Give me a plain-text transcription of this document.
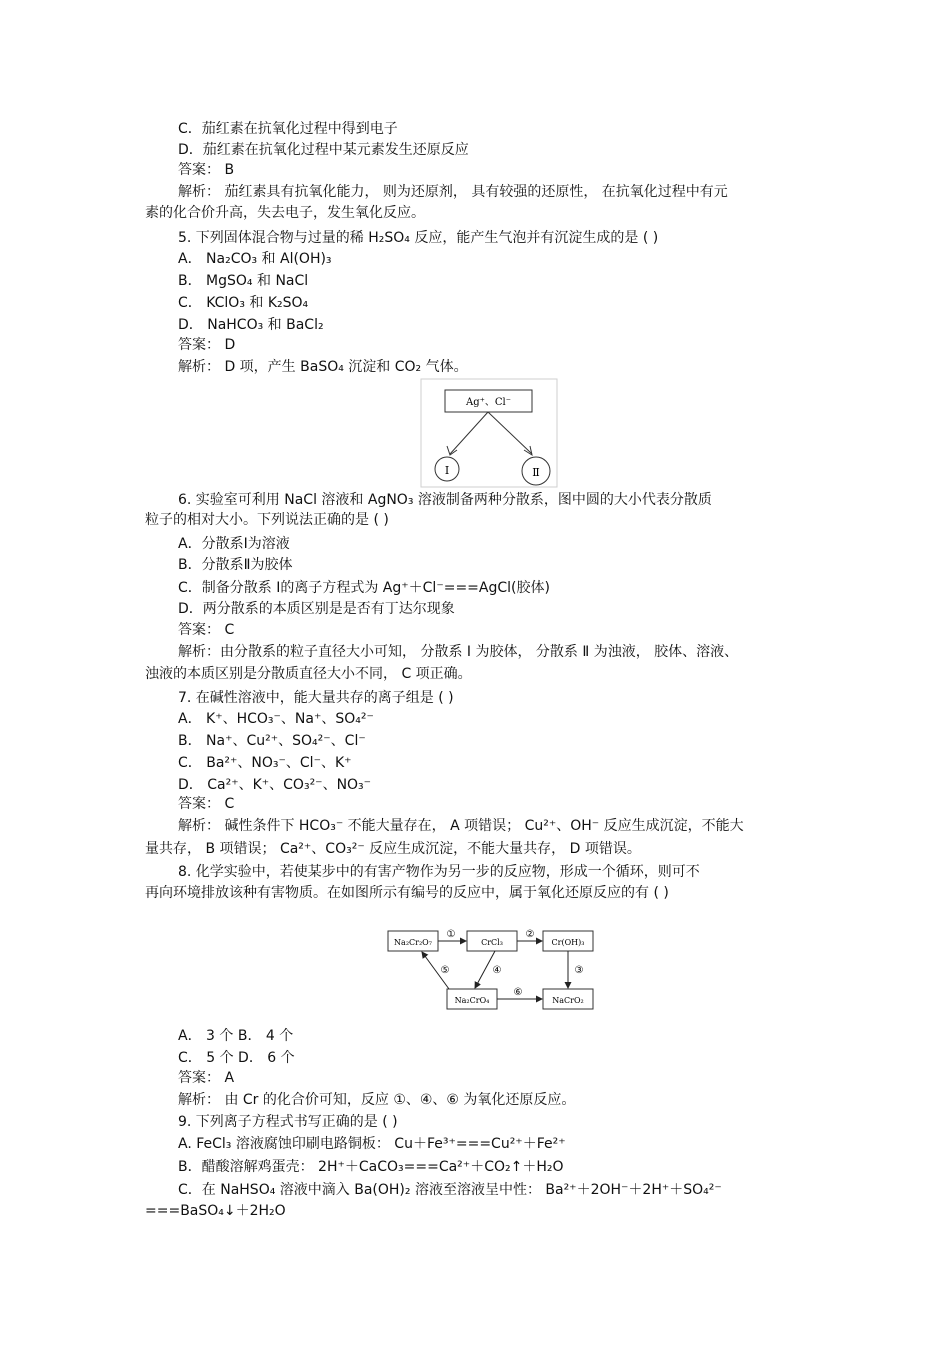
C．茄红素在抗氧化过程中得到电子
D．茄红素在抗氧化过程中某元素发生还原反应
答案： B
解析： 茄红素具有抗氧化能力， 则为还原剂， 具有较强的还原性， 在抗氧化过程中有元
素的化合价升高，失去电子，发生氧化反应。
5. 下列固体混合物与过量的稀 H₂SO₄ 反应，能产生气泡并有沉淀生成的是 ( )
A． Na₂CO₃ 和 Al(OH)₃
B． MgSO₄ 和 NaCl
C． KClO₃ 和 K₂SO₄
D． NaHCO₃ 和 BaCl₂
答案： D
解析： D 项，产生 BaSO₄ 沉淀和 CO₂ 气体。
Ag⁺、Cl⁻
Ⅰ	Ⅱ
6. 实验室可利用 NaCl 溶液和 AgNO₃ 溶液制备两种分散系，图中圆的大小代表分散质
粒子的相对大小。下列说法正确的是 ( )
A．分散系Ⅰ为溶液
B．分散系Ⅱ为胶体
C．制备分散系 Ⅰ的离子方程式为 Ag⁺＋Cl⁻===AgCl(胶体)
D．两分散系的本质区别是是否有丁达尔现象
答案： C
解析：由分散系的粒子直径大小可知， 分散系 Ⅰ 为胶体， 分散系 Ⅱ 为浊液， 胶体、溶液、
浊液的本质区别是分散质直径大小不同， C 项正确。
7. 在碱性溶液中，能大量共存的离子组是 ( )
A． K⁺、HCO₃⁻、Na⁺、SO₄²⁻
B． Na⁺、Cu²⁺、SO₄²⁻、Cl⁻
C． Ba²⁺、NO₃⁻、Cl⁻、K⁺
D． Ca²⁺、K⁺、CO₃²⁻、NO₃⁻
答案： C
解析： 碱性条件下 HCO₃⁻ 不能大量存在， A 项错误； Cu²⁺、OH⁻ 反应生成沉淀，不能大
量共存， B 项错误； Ca²⁺、CO₃²⁻ 反应生成沉淀，不能大量共存， D 项错误。
8. 化学实验中，若使某步中的有害产物作为另一步的反应物，形成一个循环，则可不
再向环境排放该种有害物质。在如图所示有编号的反应中，属于氧化还原反应的有 ( )
Na₂Cr₂O₇	CrCl₃	Cr(OH)₃
Na₂CrO₄	NaCrO₂
①	②
③
④
⑤
⑥
A． 3 个 B． 4 个
C． 5 个 D． 6 个
答案： A
解析： 由 Cr 的化合价可知，反应 ①、④、⑥ 为氧化还原反应。
9. 下列离子方程式书写正确的是 ( )
A. FeCl₃ 溶液腐蚀印刷电路铜板： Cu＋Fe³⁺===Cu²⁺＋Fe²⁺
B．醋酸溶解鸡蛋壳： 2H⁺＋CaCO₃===Ca²⁺＋CO₂↑＋H₂O
C．在 NaHSO₄ 溶液中滴入 Ba(OH)₂ 溶液至溶液呈中性： Ba²⁺＋2OH⁻＋2H⁺＋SO₄²⁻
===BaSO₄↓＋2H₂O
